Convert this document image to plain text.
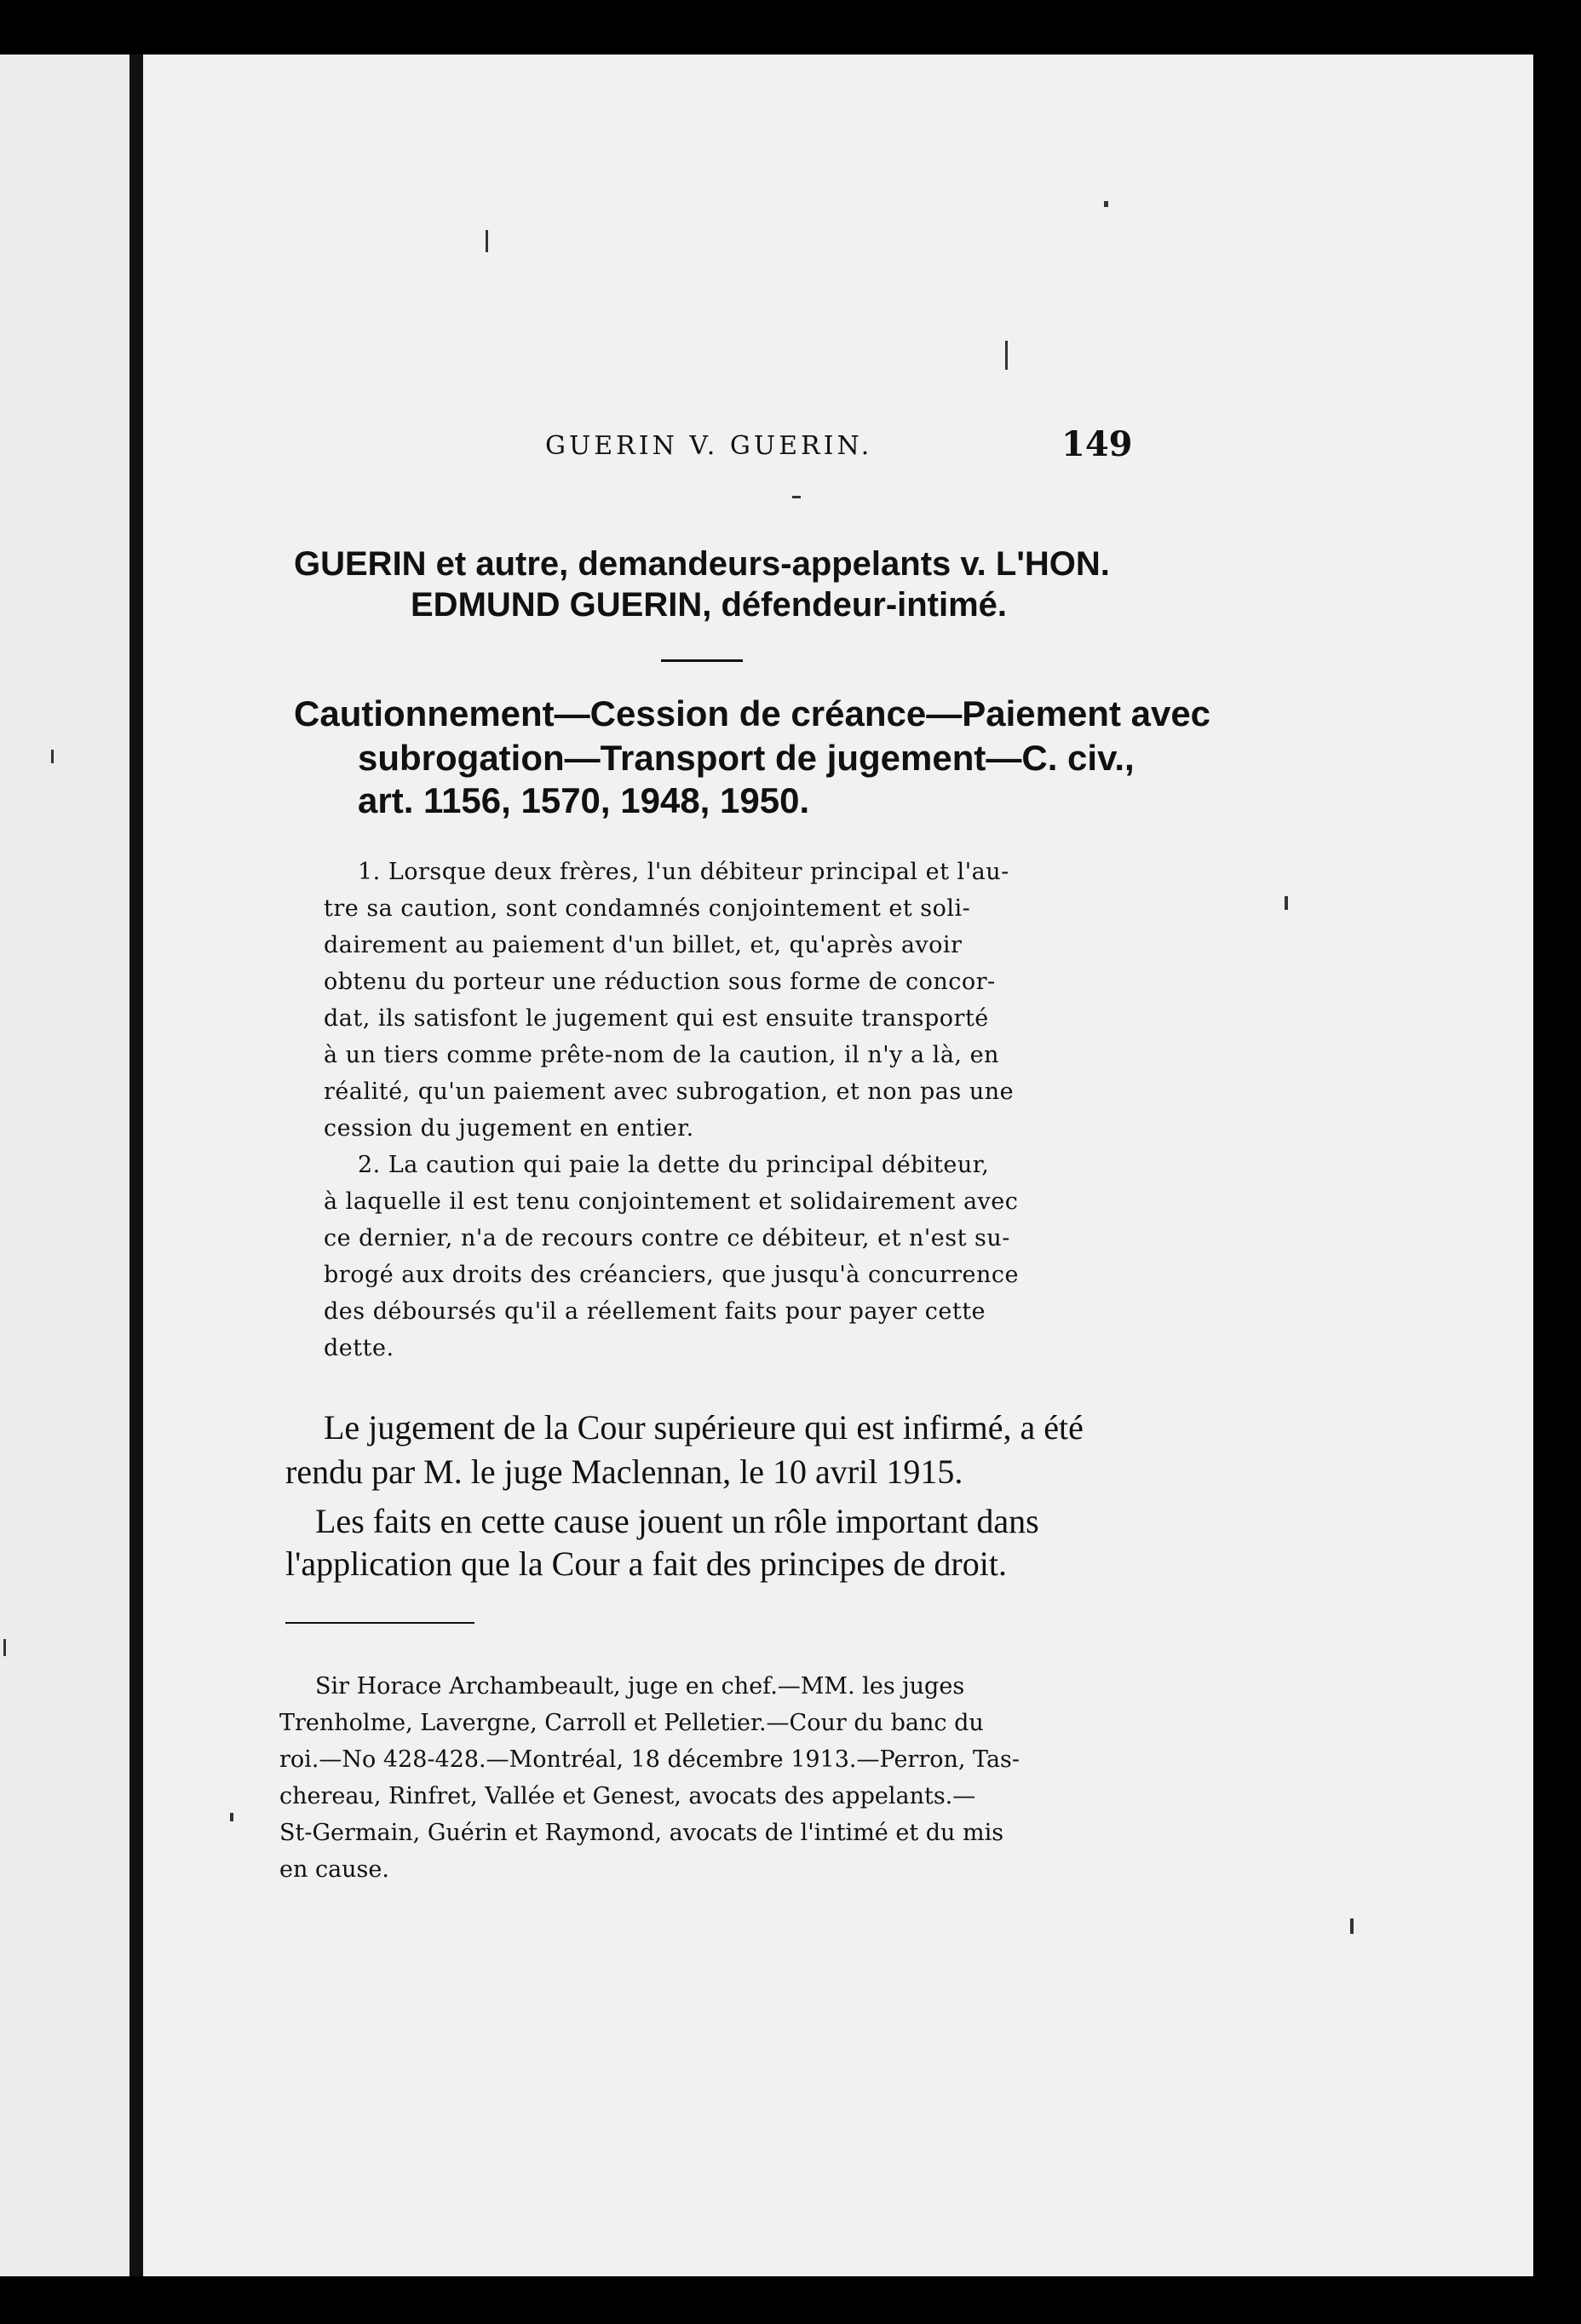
GUERIN V. GUERIN.	149
GUERIN et autre, demandeurs-appelants v. L'HON.
EDMUND GUERIN, défendeur-intimé.
Cautionnement—Cession de créance—Paiement avec
subrogation—Transport de jugement—C. civ.,
art. 1156, 1570, 1948, 1950.
1. Lorsque deux frères, l'un débiteur principal et l'au-
tre sa caution, sont condamnés conjointement et soli-
dairement au paiement d'un billet, et, qu'après avoir
obtenu du porteur une réduction sous forme de concor-
dat, ils satisfont le jugement qui est ensuite transporté
à un tiers comme prête-nom de la caution, il n'y a là, en
réalité, qu'un paiement avec subrogation, et non pas une
cession du jugement en entier.
2. La caution qui paie la dette du principal débiteur,
à laquelle il est tenu conjointement et solidairement avec
ce dernier, n'a de recours contre ce débiteur, et n'est su-
brogé aux droits des créanciers, que jusqu'à concurrence
des déboursés qu'il a réellement faits pour payer cette
dette.
Le jugement de la Cour supérieure qui est infirmé, a été
rendu par M. le juge Maclennan, le 10 avril 1915.
Les faits en cette cause jouent un rôle important dans
l'application que la Cour a fait des principes de droit.
Sir Horace Archambeault, juge en chef.—MM. les juges
Trenholme, Lavergne, Carroll et Pelletier.—Cour du banc du
roi.—No 428-428.—Montréal, 18 décembre 1913.—Perron, Tas-
chereau, Rinfret, Vallée et Genest, avocats des appelants.—
St-Germain, Guérin et Raymond, avocats de l'intimé et du mis
en cause.
